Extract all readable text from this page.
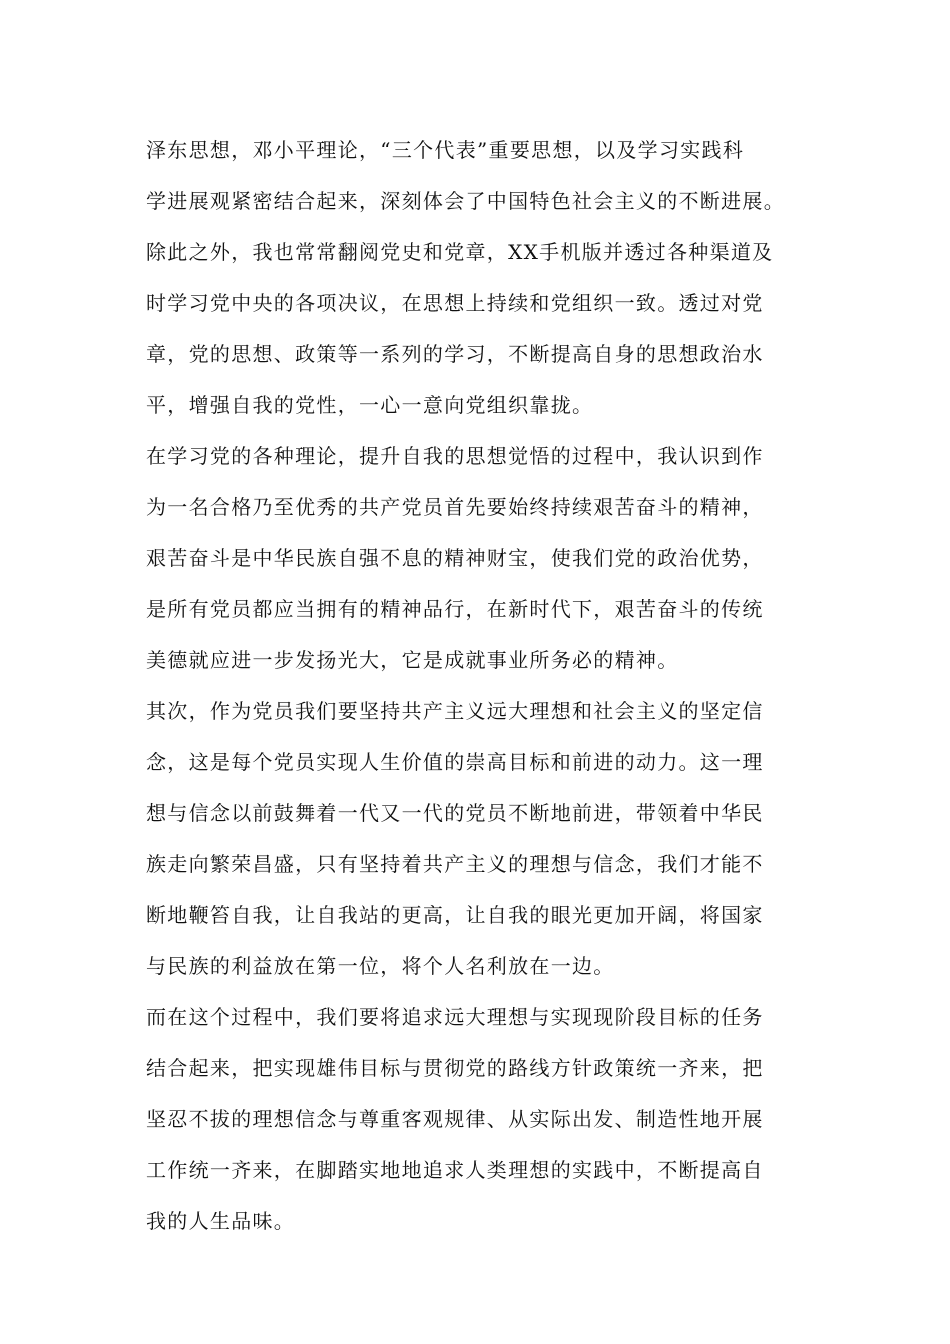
泽东思想，邓小平理论，“三个代表”重要思想，以及学习实践科
学进展观紧密结合起来，深刻体会了中国特色社会主义的不断进展。
除此之外，我也常常翻阅党史和党章，XX手机版并透过各种渠道及
时学习党中央的各项决议，在思想上持续和党组织一致。透过对党
章，党的思想、政策等一系列的学习，不断提高自身的思想政治水
平，增强自我的党性，一心一意向党组织靠拢。
在学习党的各种理论，提升自我的思想觉悟的过程中，我认识到作
为一名合格乃至优秀的共产党员首先要始终持续艰苦奋斗的精神，
艰苦奋斗是中华民族自强不息的精神财宝，使我们党的政治优势，
是所有党员都应当拥有的精神品行，在新时代下，艰苦奋斗的传统
美德就应进一步发扬光大，它是成就事业所务必的精神。
其次，作为党员我们要坚持共产主义远大理想和社会主义的坚定信
念，这是每个党员实现人生价值的崇高目标和前进的动力。这一理
想与信念以前鼓舞着一代又一代的党员不断地前进，带领着中华民
族走向繁荣昌盛，只有坚持着共产主义的理想与信念，我们才能不
断地鞭笞自我，让自我站的更高，让自我的眼光更加开阔，将国家
与民族的利益放在第一位，将个人名利放在一边。
而在这个过程中，我们要将追求远大理想与实现现阶段目标的任务
结合起来，把实现雄伟目标与贯彻党的路线方针政策统一齐来，把
坚忍不拔的理想信念与尊重客观规律、从实际出发、制造性地开展
工作统一齐来，在脚踏实地地追求人类理想的实践中，不断提高自
我的人生品味。
